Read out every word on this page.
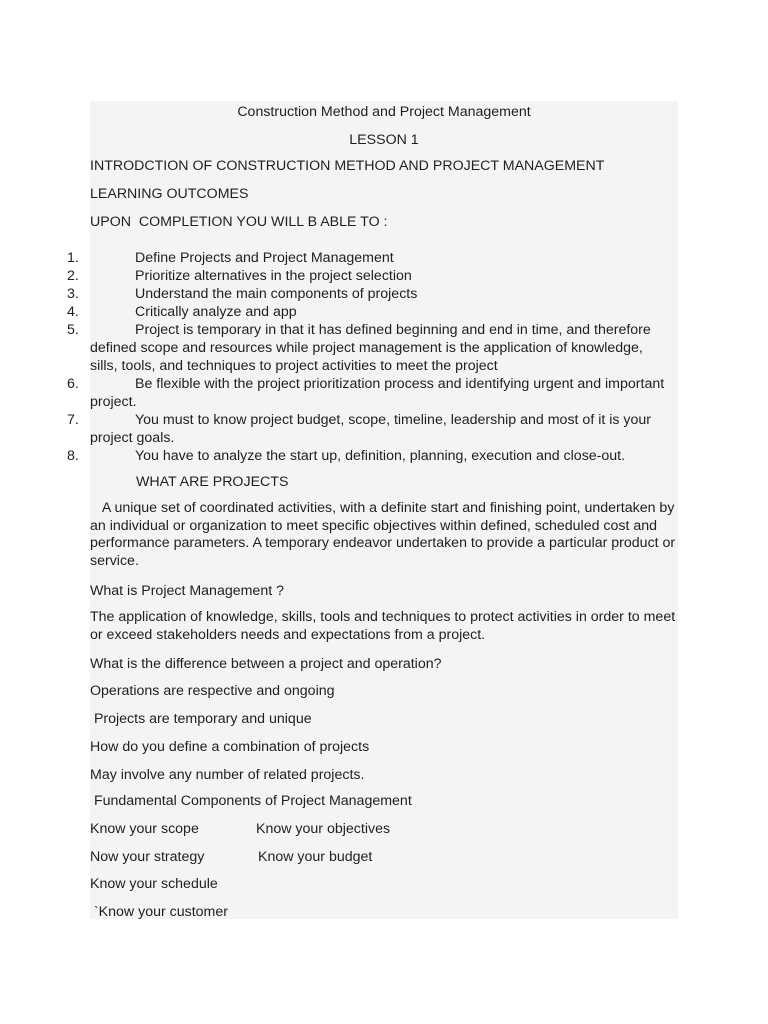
Construction Method and Project Management
LESSON 1
INTRODCTION OF CONSTRUCTION METHOD AND PROJECT MANAGEMENT
LEARNING OUTCOMES
UPON  COMPLETION YOU WILL B ABLE TO :
1.	Define Projects and Project Management
2.	Prioritize alternatives in the project selection
3.	Understand the main components of projects
4.	Critically analyze and app
5.	Project is temporary in that it has defined beginning and end in time, and therefore defined scope and resources while project management is the application of knowledge, sills, tools, and techniques to project activities to meet the project
6.	Be flexible with the project prioritization process and identifying urgent and important project.
7.	You must to know project budget, scope, timeline, leadership and most of it is your project goals.
8.	You have to analyze the start up, definition, planning, execution and close-out.
WHAT ARE PROJECTS
A unique set of coordinated activities, with a definite start and finishing point, undertaken by an individual or organization to meet specific objectives within defined, scheduled cost and performance parameters. A temporary endeavor undertaken to provide a particular product or service.
What is Project Management ?
The application of knowledge, skills, tools and techniques to protect activities in order to meet or exceed stakeholders needs and expectations from a project.
What is the difference between a project and operation?
Operations are respective and ongoing
Projects are temporary and unique
How do you define a combination of projects
May involve any number of related projects.
Fundamental Components of Project Management
Know your scope	Know your objectives
Now your strategy	Know your budget
Know your schedule
`Know your customer
